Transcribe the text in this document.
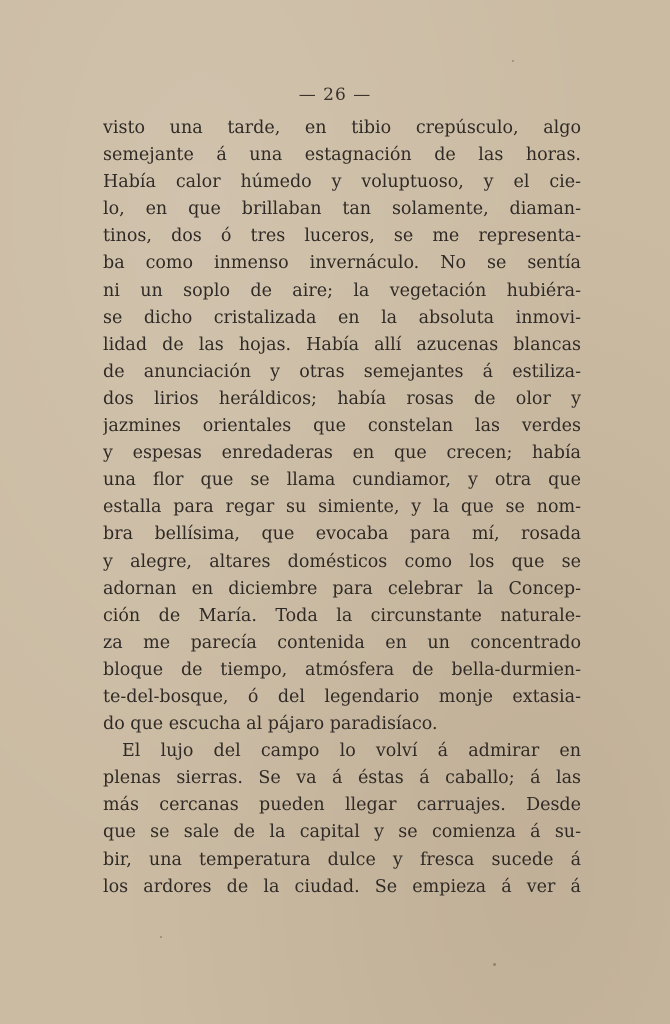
— 26 —
visto una tarde, en tibio crepúsculo, algo
semejante á una estagnación de las horas.
Había calor húmedo y voluptuoso, y el cie-
lo, en que brillaban tan solamente, diaman-
tinos, dos ó tres luceros, se me representa-
ba como inmenso invernáculo. No se sentía
ni un soplo de aire; la vegetación hubiéra-
se dicho cristalizada en la absoluta inmovi-
lidad de las hojas. Había allí azucenas blancas
de anunciación y otras semejantes á estiliza-
dos lirios heráldicos; había rosas de olor y
jazmines orientales que constelan las verdes
y espesas enredaderas en que crecen; había
una flor que se llama cundiamor, y otra que
estalla para regar su simiente, y la que se nom-
bra bellísima, que evocaba para mí, rosada
y alegre, altares domésticos como los que se
adornan en diciembre para celebrar la Concep-
ción de María. Toda la circunstante naturale-
za me parecía contenida en un concentrado
bloque de tiempo, atmósfera de bella-durmien-
te-del-bosque, ó del legendario monje extasia-
do que escucha al pájaro paradisíaco.
El lujo del campo lo volví á admirar en
plenas sierras. Se va á éstas á caballo; á las
más cercanas pueden llegar carruajes. Desde
que se sale de la capital y se comienza á su-
bir, una temperatura dulce y fresca sucede á
los ardores de la ciudad. Se empieza á ver á
